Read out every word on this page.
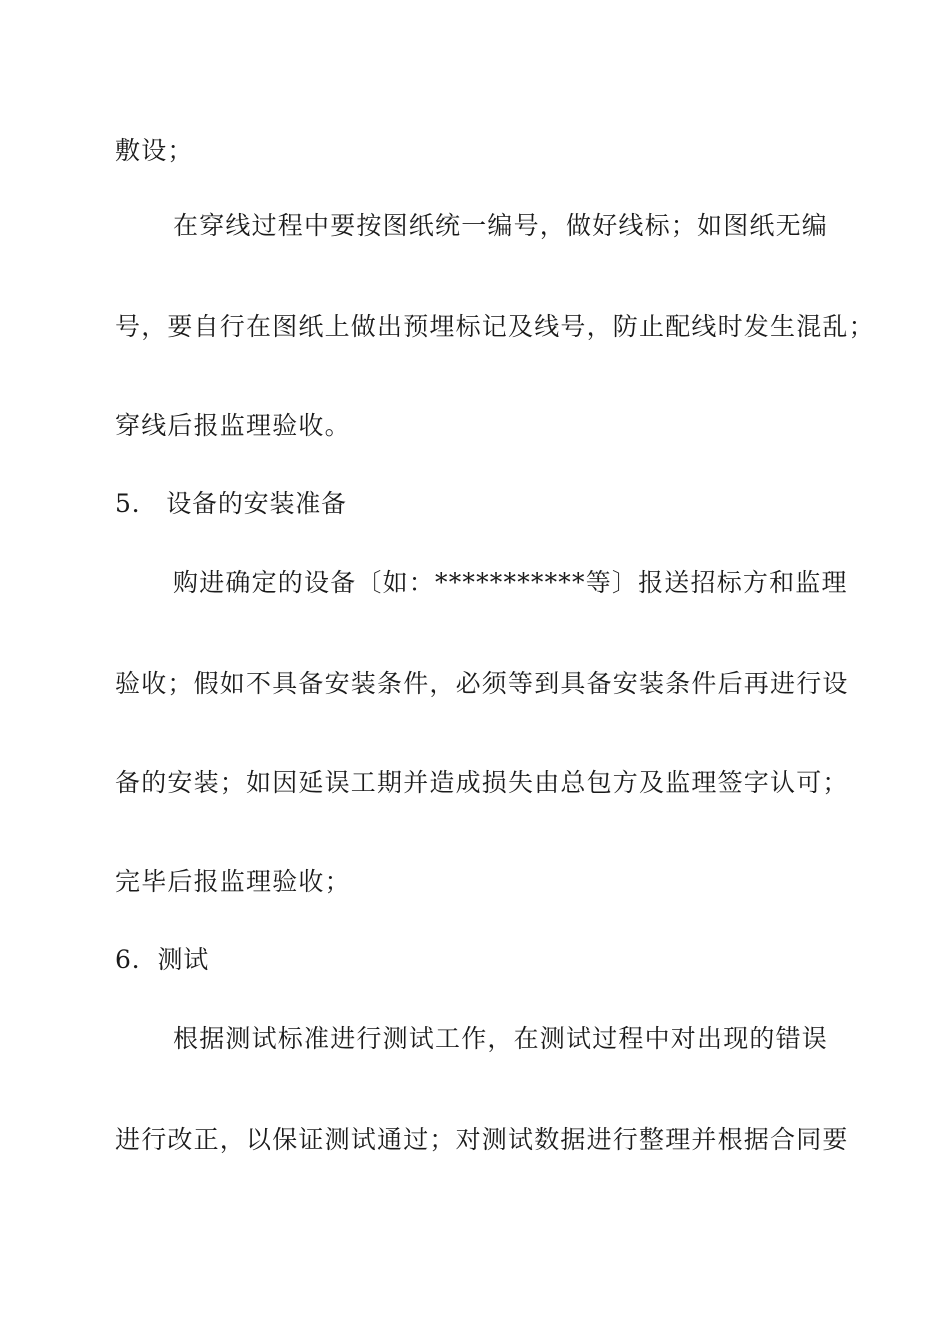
敷设；
在穿线过程中要按图纸统一编号，做好线标；如图纸无编
号，要自行在图纸上做出预埋标记及线号，防止配线时发生混乱；
穿线后报监理验收。
5． 设备的安装准备
购进确定的设备〔如：***********等〕报送招标方和监理
验收；假如不具备安装条件，必须等到具备安装条件后再进行设
备的安装；如因延误工期并造成损失由总包方及监理签字认可；
完毕后报监理验收；
6．测试
根据测试标准进行测试工作，在测试过程中对出现的错误
进行改正，以保证测试通过；对测试数据进行整理并根据合同要
